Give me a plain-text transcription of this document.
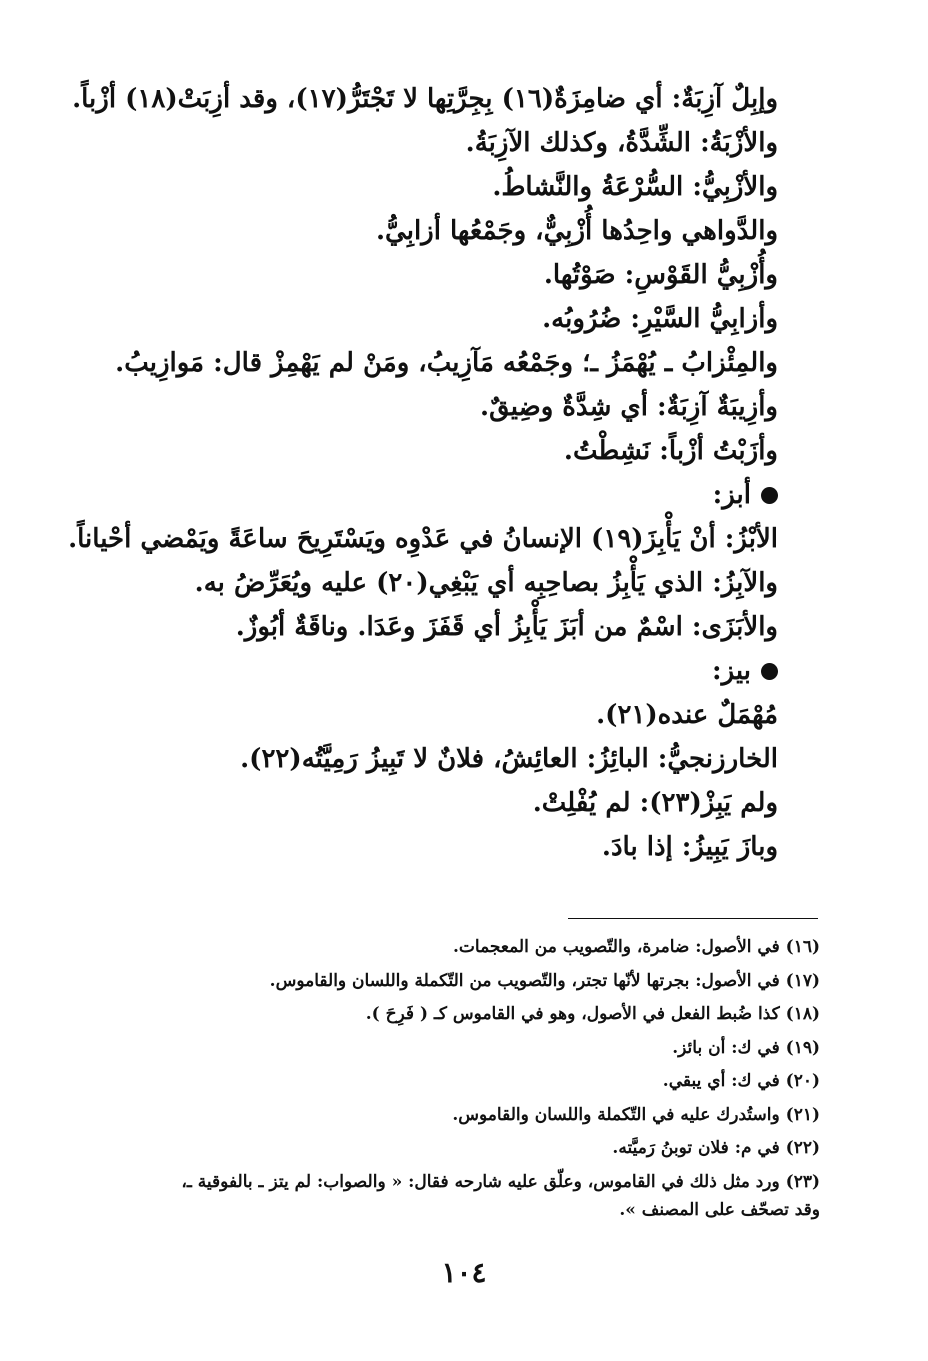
وإبِلٌ آزِبَةٌ: أي ضامِزَةٌ(١٦) بِجِرَّتِها لا تَجْتَرُّ(١٧)، وقد أزِبَتْ(١٨) أزْباً.
والأزْبَةُ: الشِّدَّةُ، وكذلك الآزِبَةُ.
والأزْبِيُّ: السُّرْعَةُ والنَّشاطُ.
والدَّواهي واحِدُها أُزْبِيٌّ، وجَمْعُها أزابِيُّ.
وأُزْبِيُّ القَوْسِ: صَوْتُها.
وأزابِيُّ السَّيْرِ: ضُرُوبُه.
والمِئْزابُ ـ يُهْمَزُ ـ؛ وجَمْعُه مَآزِيبُ، ومَنْ لم يَهْمِزْ قال: مَوازِيبُ.
وأزِيبَةٌ آزِبَةٌ: أي شِدَّةٌ وضِيقٌ.
وأزَبْتُ أزْباً: نَشِطْتُ.
أبز:
الأبْزُ: أنْ يَأْبِزَ(١٩) الإنسانُ في عَدْوِه ويَسْتَرِيحَ ساعَةً ويَمْضي أحْياناً.
والآبِزُ: الذي يَأْبِزُ بصاحِبِه أي يَبْغِي(٢٠) عليه ويُعَرِّضُ به.
والأبَزَى: اسْمٌ من أبَزَ يَأْبِزُ أي قَفَزَ وعَدَا. وناقَةٌ أبُوزٌ.
بيز:
مُهْمَلٌ عنده(٢١).
الخارزنجيُّ: البائِزُ: العائِشُ، فلانٌ لا تَبِيزُ رَمِيَّتُه(٢٢).
ولم يَبِزْ(٢٣): لم يُفْلِتْ.
وبازَ يَبِيزُ: إذا بادَ.
(١٦) في الأصول: ضامرة، والتّصويب من المعجمات.
(١٧) في الأصول: بجرتها لأنّها تجتر، والتّصويب من التّكملة واللسان والقاموس.
(١٨) كذا ضُبط الفعل في الأصول، وهو في القاموس كـ ( فَرِحَ ).
(١٩) في ك: أن بائز.
(٢٠) في ك: أي يبقي.
(٢١) واستُدرك عليه في التّكملة واللسان والقاموس.
(٢٢) في م: فلان توبنُ رَميَّته.
(٢٣) ورد مثل ذلك في القاموس، وعلّق عليه شارحه فقال: « والصواب: لم يتز ـ بالفوقية ـ،
وقد تصحّف على المصنف ».
١٠٤
